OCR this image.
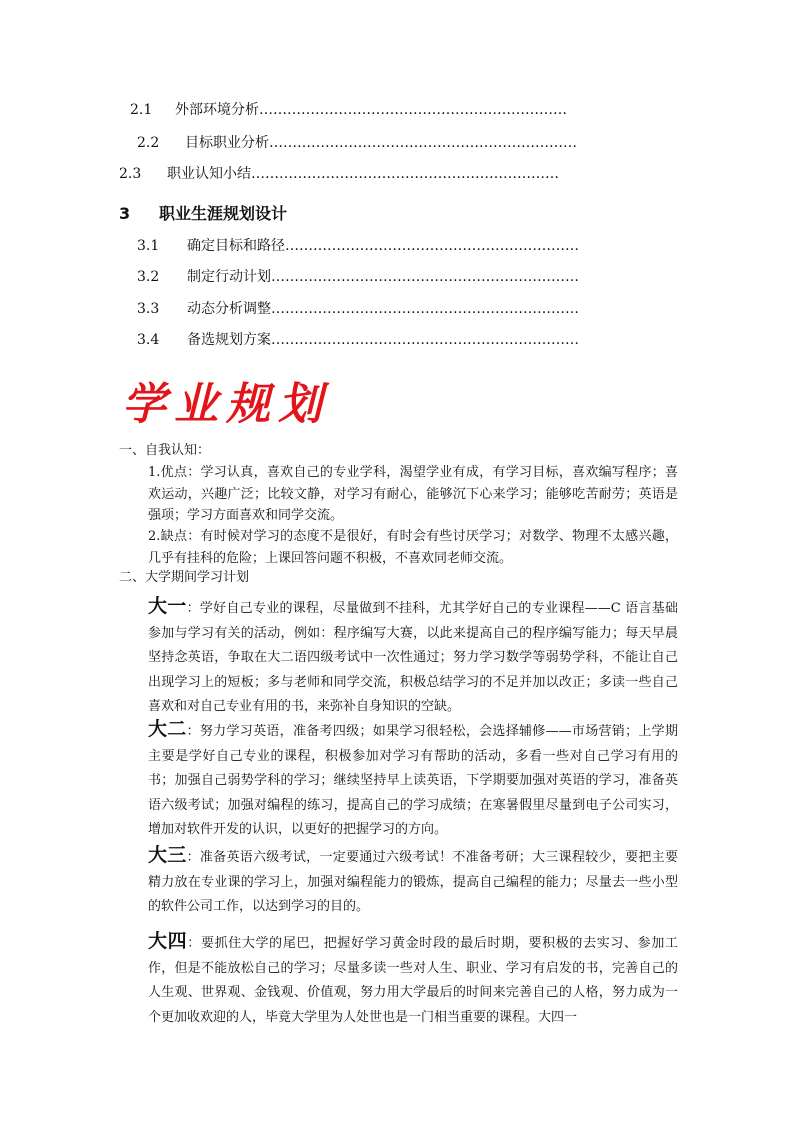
2.1 外部环境分析…………………………………………………………
2.2 目标职业分析…………………………………………………………
2.3 职业认知小结…………………………………………………………
3 职业生涯规划设计
3.1 确定目标和路径………………………………………………………
3.2 制定行动计划…………………………………………………………
3.3 动态分析调整…………………………………………………………
3.4 备选规划方案…………………………………………………………
学业规划
一、自我认知：
1.优点：学习认真，喜欢自己的专业学科，渴望学业有成，有学习目标，喜欢编写程序；喜欢运动，兴趣广泛；比较文静，对学习有耐心，能够沉下心来学习；能够吃苦耐劳；英语是强项；学习方面喜欢和同学交流。
2.缺点：有时候对学习的态度不是很好，有时会有些讨厌学习；对数学、物理不太感兴趣，几乎有挂科的危险；上课回答问题不积极，不喜欢同老师交流。
二、大学期间学习计划
大一：学好自己专业的课程，尽量做到不挂科，尤其学好自己的专业课程——C 语言基础参加与学习有关的活动，例如：程序编写大赛，以此来提高自己的程序编写能力；每天早晨坚持念英语，争取在大二语四级考试中一次性通过；努力学习数学等弱势学科，不能让自己出现学习上的短板；多与老师和同学交流，积极总结学习的不足并加以改正；多读一些自己喜欢和对自己专业有用的书，来弥补自身知识的空缺。
大二：努力学习英语，准备考四级；如果学习很轻松，会选择辅修——市场营销；上学期主要是学好自己专业的课程，积极参加对学习有帮助的活动，多看一些对自己学习有用的书；加强自己弱势学科的学习；继续坚持早上读英语，下学期要加强对英语的学习，准备英语六级考试；加强对编程的练习，提高自己的学习成绩；在寒暑假里尽量到电子公司实习，增加对软件开发的认识，以更好的把握学习的方向。
大三：准备英语六级考试，一定要通过六级考试！不准备考研；大三课程较少，要把主要精力放在专业课的学习上，加强对编程能力的锻炼，提高自己编程的能力；尽量去一些小型的软件公司工作，以达到学习的目的。
大四：要抓住大学的尾巴，把握好学习黄金时段的最后时期，要积极的去实习、参加工作，但是不能放松自己的学习；尽量多读一些对人生、职业、学习有启发的书，完善自己的人生观、世界观、金钱观、价值观，努力用大学最后的时间来完善自己的人格，努力成为一个更加收欢迎的人，毕竟大学里为人处世也是一门相当重要的课程。大四一
